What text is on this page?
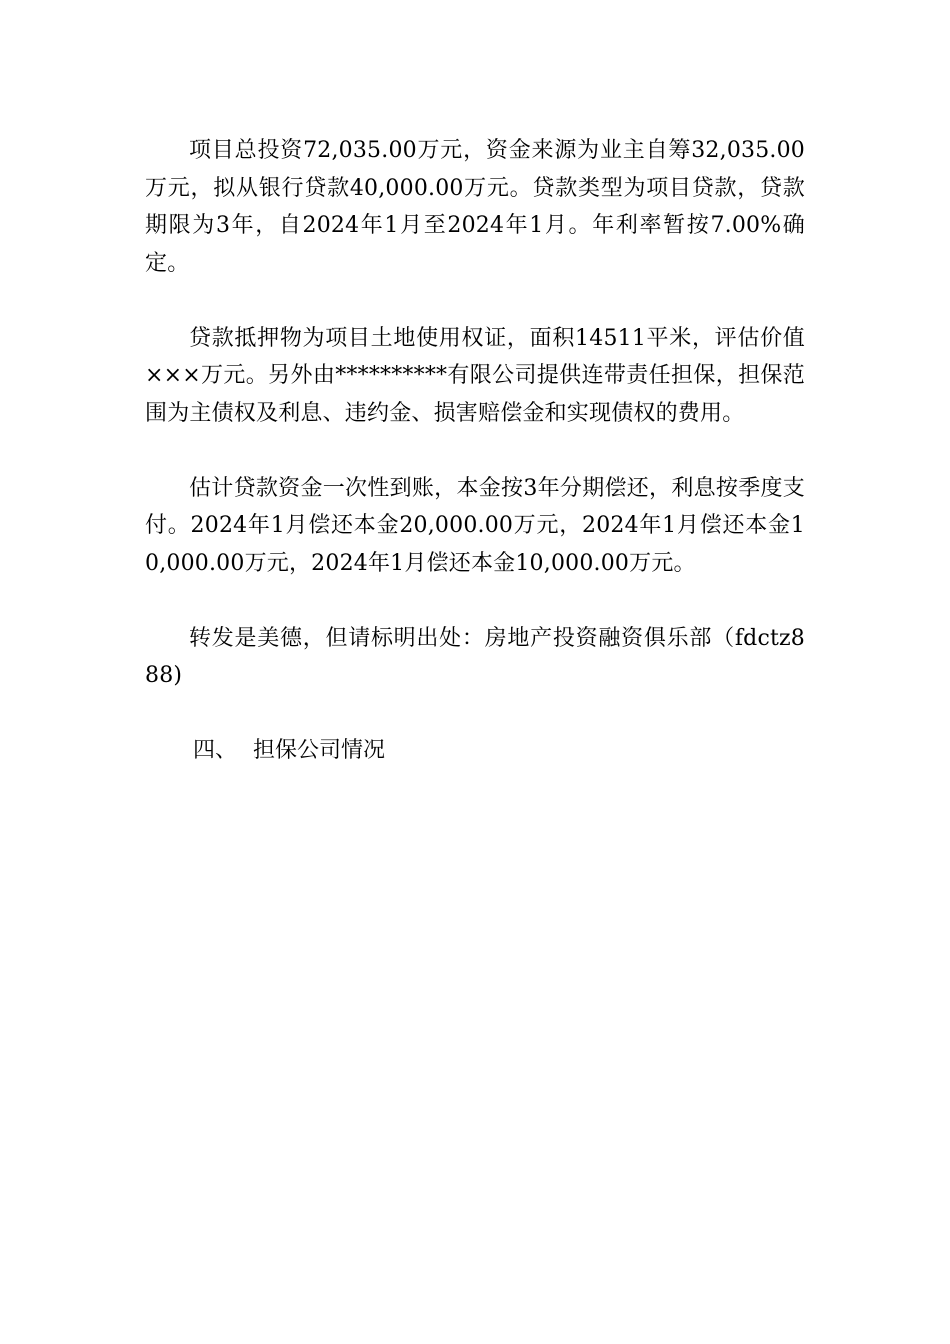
项目总投资72,035.00万元，资金来源为业主自筹32,035.00万元，拟从银行贷款40,000.00万元。贷款类型为项目贷款，贷款期限为3年，自2024年1月至2024年1月。年利率暂按7.00%确定。

贷款抵押物为项目土地使用权证，面积14511平米，评估价值×××万元。另外由**********有限公司提供连带责任担保，担保范围为主债权及利息、违约金、损害赔偿金和实现债权的费用。

估计贷款资金一次性到账，本金按3年分期偿还，利息按季度支付。2024年1月偿还本金20,000.00万元，2024年1月偿还本金10,000.00万元，2024年1月偿还本金10,000.00万元。

转发是美德，但请标明出处：房地产投资融资俱乐部（fdctz888)

四、 担保公司情况
